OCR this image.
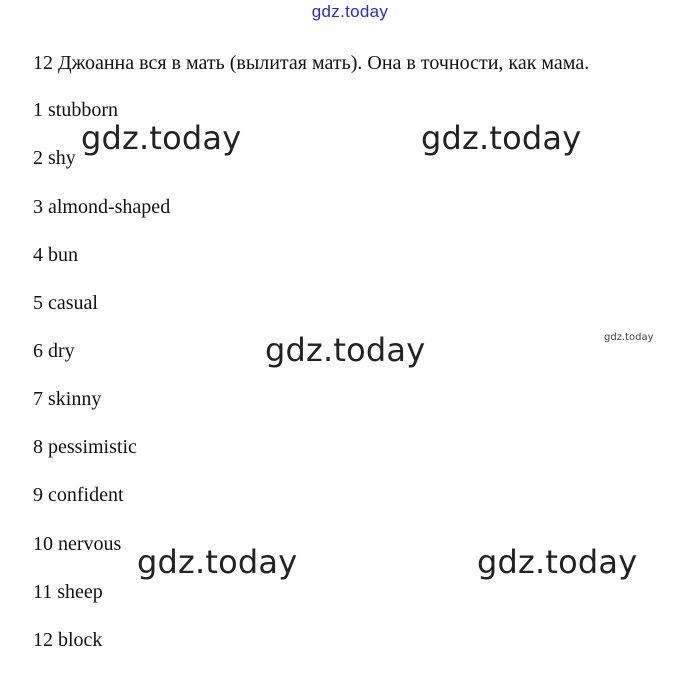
gdz.today
12 Джоанна вся в мать (вылитая мать). Она в точности, как мама.
1 stubborn
2 shy
3 almond-shaped
4 bun
5 casual
6 dry
7 skinny
8 pessimistic
9 confident
10 nervous
11 sheep
12 block
gdz.today	gdz.today
gdz.today	gdz.today
gdz.today	gdz.today
